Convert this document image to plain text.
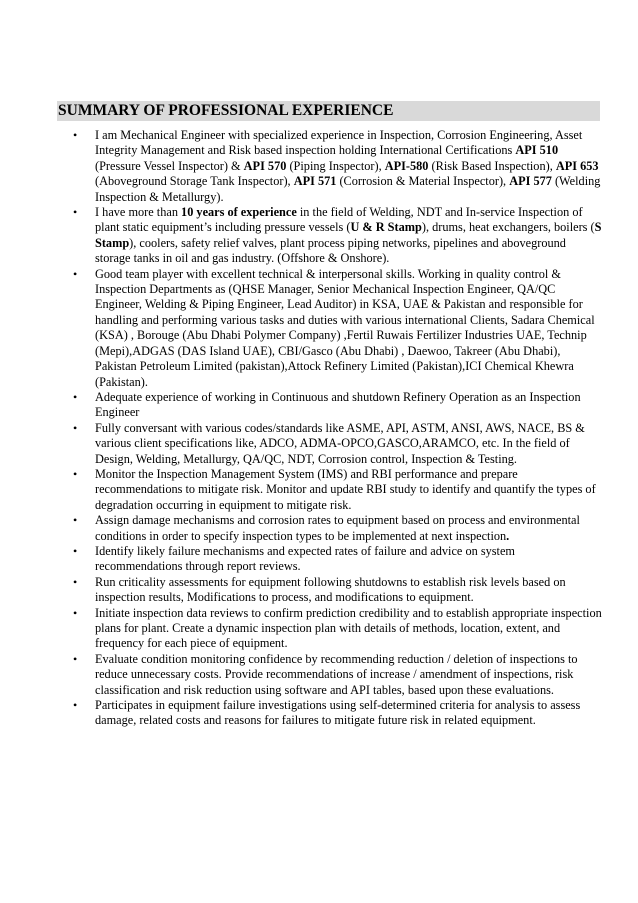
SUMMARY OF PROFESSIONAL EXPERIENCE
•	I am Mechanical Engineer with specialized experience in Inspection, Corrosion Engineering, Asset Integrity Management and Risk based inspection holding International Certifications API 510 (Pressure Vessel Inspector) & API 570 (Piping Inspector), API-580 (Risk Based Inspection), API 653 (Aboveground Storage Tank Inspector), API 571 (Corrosion & Material Inspector), API 577 (Welding Inspection & Metallurgy).
•	I have more than 10 years of experience in the field of Welding, NDT and In-service Inspection of plant static equipment’s including pressure vessels (U & R Stamp), drums, heat exchangers, boilers (S Stamp), coolers, safety relief valves, plant process piping networks, pipelines and aboveground storage tanks in oil and gas industry. (Offshore & Onshore).
•	Good team player with excellent technical & interpersonal skills. Working in quality control & Inspection Departments as (QHSE Manager, Senior Mechanical Inspection Engineer, QA/QC Engineer, Welding & Piping Engineer, Lead Auditor) in KSA, UAE & Pakistan and responsible for handling and performing various tasks and duties with various international Clients, Sadara Chemical (KSA) , Borouge (Abu Dhabi Polymer Company) ,Fertil Ruwais Fertilizer Industries UAE, Technip (Mepi),ADGAS (DAS Island UAE), CBI/Gasco (Abu Dhabi) , Daewoo, Takreer (Abu Dhabi), Pakistan Petroleum Limited (pakistan),Attock Refinery Limited (Pakistan),ICI Chemical Khewra (Pakistan).
•	Adequate experience of working in Continuous and shutdown Refinery Operation as an Inspection Engineer
•	Fully conversant with various codes/standards like ASME, API, ASTM, ANSI, AWS, NACE, BS & various client specifications like, ADCO, ADMA-OPCO,GASCO,ARAMCO, etc. In the field of Design, Welding, Metallurgy, QA/QC, NDT, Corrosion control, Inspection & Testing.
•	Monitor the Inspection Management System (IMS) and RBI performance and prepare recommendations to mitigate risk. Monitor and update RBI study to identify and quantify the types of degradation occurring in equipment to mitigate risk.
•	Assign damage mechanisms and corrosion rates to equipment based on process and environmental conditions in order to specify inspection types to be implemented at next inspection.
•	Identify likely failure mechanisms and expected rates of failure and advice on system recommendations through report reviews.
•	Run criticality assessments for equipment following shutdowns to establish risk levels based on inspection results, Modifications to process, and modifications to equipment.
•	Initiate inspection data reviews to confirm prediction credibility and to establish appropriate inspection plans for plant. Create a dynamic inspection plan with details of methods, location, extent, and frequency for each piece of equipment.
•	Evaluate condition monitoring confidence by recommending reduction / deletion of inspections to reduce unnecessary costs. Provide recommendations of increase / amendment of inspections, risk classification and risk reduction using software and API tables, based upon these evaluations.
•	Participates in equipment failure investigations using self-determined criteria for analysis to assess damage, related costs and reasons for failures to mitigate future risk in related equipment.
